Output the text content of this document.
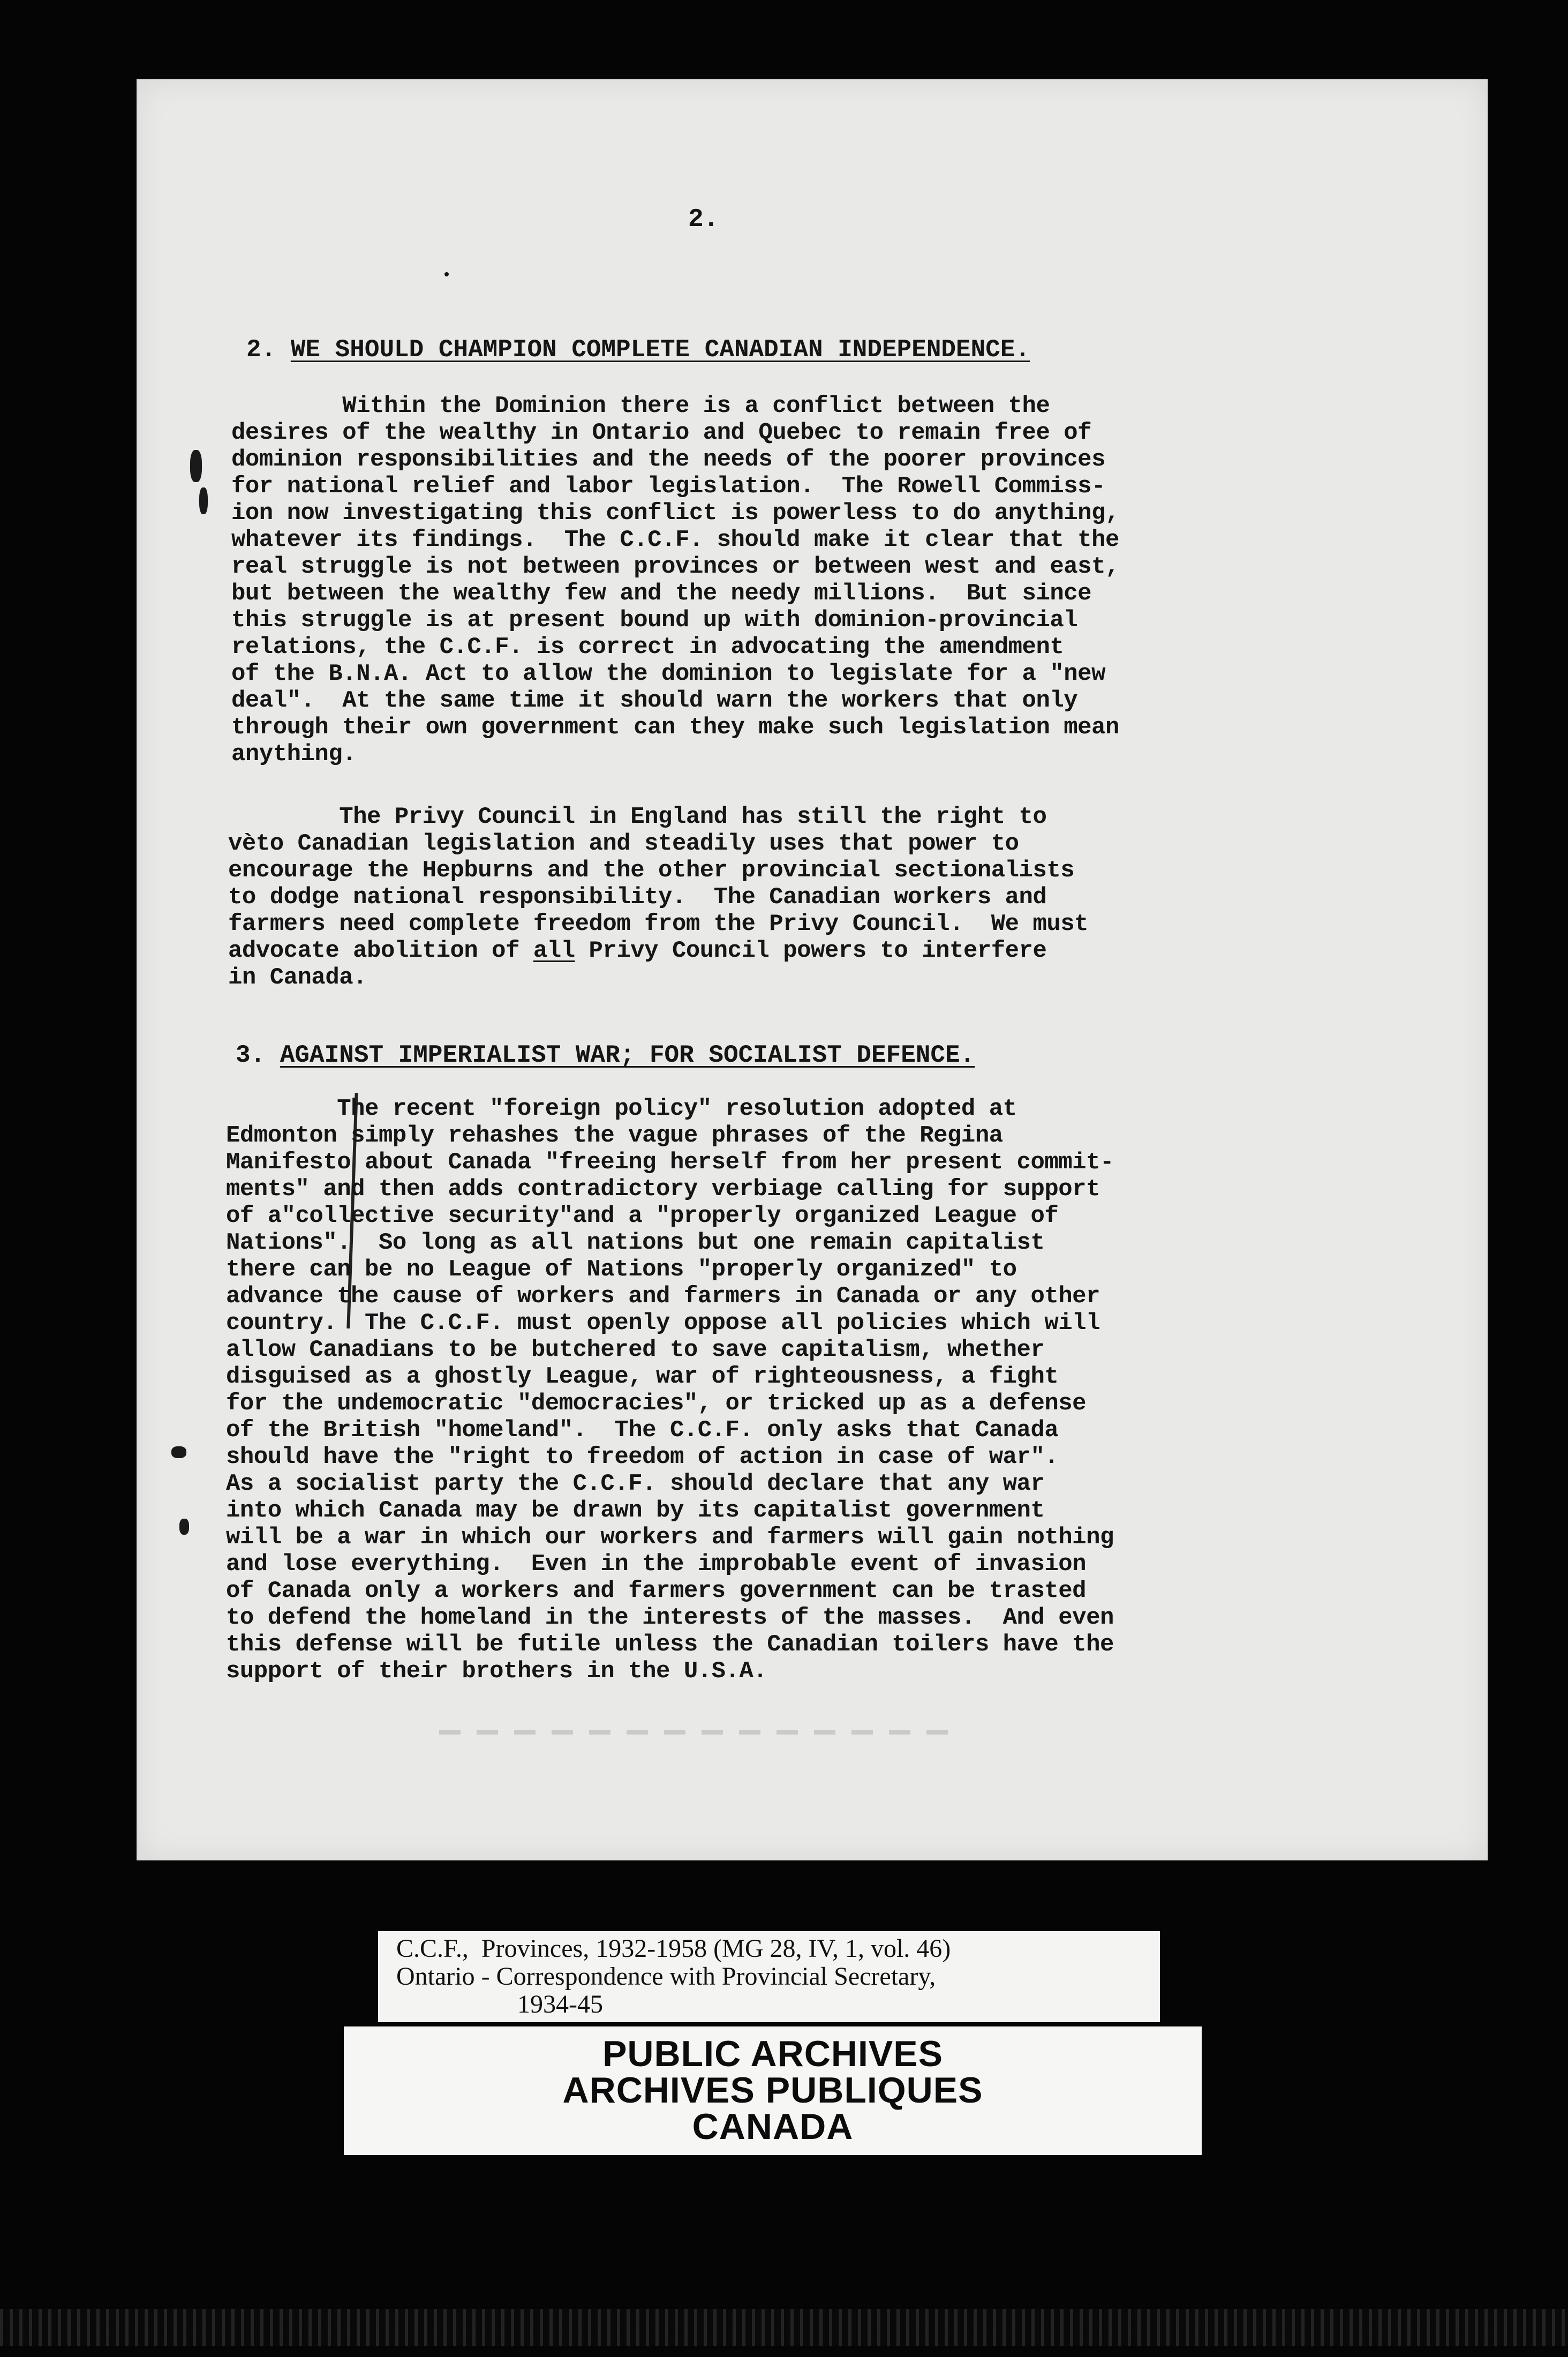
2.
2. WE SHOULD CHAMPION COMPLETE CANADIAN INDEPENDENCE.
Within the Dominion there is a conflict between the
desires of the wealthy in Ontario and Quebec to remain free of
dominion responsibilities and the needs of the poorer provinces
for national relief and labor legislation.  The Rowell Commiss-
ion now investigating this conflict is powerless to do anything,
whatever its findings.  The C.C.F. should make it clear that the
real struggle is not between provinces or between west and east,
but between the wealthy few and the needy millions.  But since
this struggle is at present bound up with dominion-provincial
relations, the C.C.F. is correct in advocating the amendment
of the B.N.A. Act to allow the dominion to legislate for a "new
deal".  At the same time it should warn the workers that only
through their own government can they make such legislation mean
anything.
The Privy Council in England has still the right to
vèto Canadian legislation and steadily uses that power to
encourage the Hepburns and the other provincial sectionalists
to dodge national responsibility.  The Canadian workers and
farmers need complete freedom from the Privy Council.  We must
advocate abolition of all Privy Council powers to interfere
in Canada.
3. AGAINST IMPERIALIST WAR; FOR SOCIALIST DEFENCE.
The recent "foreign policy" resolution adopted at
Edmonton simply rehashes the vague phrases of the Regina
Manifesto about Canada "freeing herself from her present commit-
ments" and then adds contradictory verbiage calling for support
of a"collective security"and a "properly organized League of
Nations".  So long as all nations but one remain capitalist
there can be no League of Nations "properly organized" to
advance the cause of workers and farmers in Canada or any other
country.  The C.C.F. must openly oppose all policies which will
allow Canadians to be butchered to save capitalism, whether
disguised as a ghostly League, war of righteousness, a fight
for the undemocratic "democracies", or tricked up as a defense
of the British "homeland".  The C.C.F. only asks that Canada
should have the "right to freedom of action in case of war".
As a socialist party the C.C.F. should declare that any war
into which Canada may be drawn by its capitalist government
will be a war in which our workers and farmers will gain nothing
and lose everything.  Even in the improbable event of invasion
of Canada only a workers and farmers government can be trasted
to defend the homeland in the interests of the masses.  And even
this defense will be futile unless the Canadian toilers have the
support of their brothers in the U.S.A.
C.C.F.,  Provinces, 1932-1958 (MG 28, IV, 1, vol. 46)
Ontario - Correspondence with Provincial Secretary,
1934-45
PUBLIC ARCHIVES
ARCHIVES PUBLIQUES
CANADA
